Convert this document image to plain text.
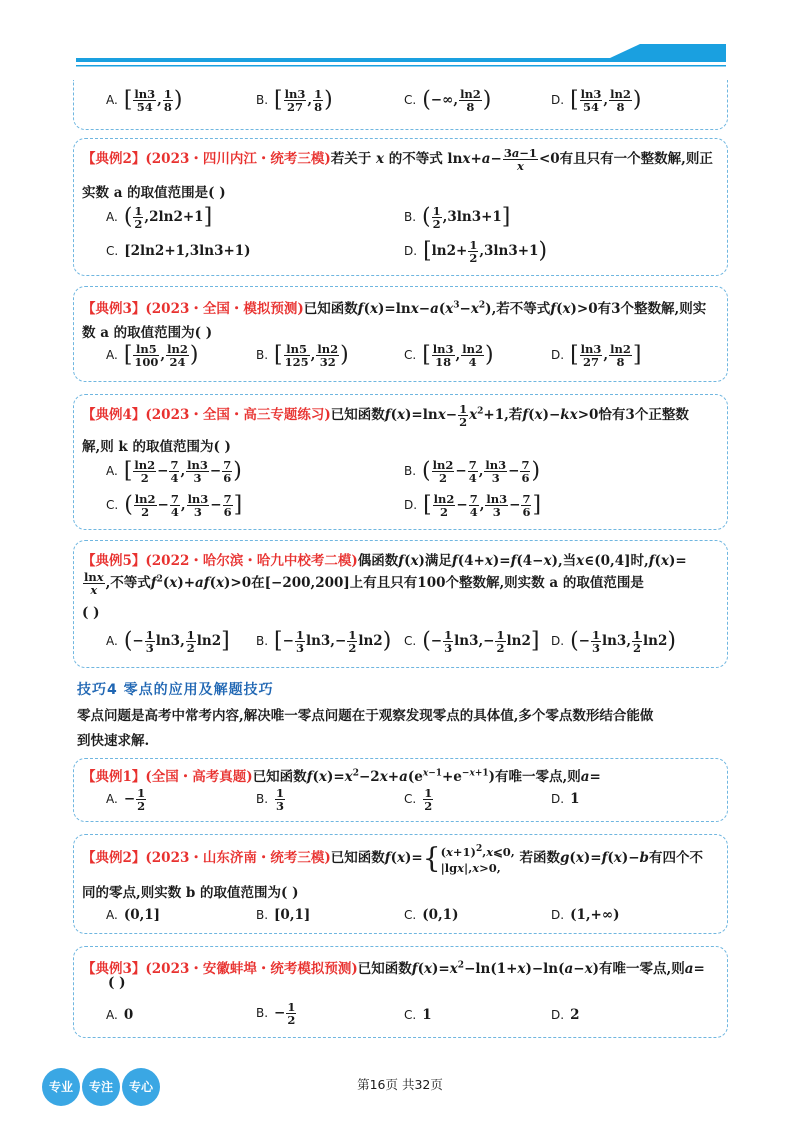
A. [ $\frac{\ln 3}{54}$ , $\frac{1}{8}$ )	B. [ $\frac{\ln 3}{27}$ , $\frac{1}{8}$ )	C. (−∞, $\frac{\ln 2}{8}$ )	D. [ $\frac{\ln 3}{54}$ , $\frac{\ln 2}{8}$ )
【典例2】(2023・四川内江・统考三模)若关于 x 的不等式 $\ln x+a- \frac{3a-1}{x} <0$有且只有一个整数解,则正
实数 a 的取值范围是( )
A. ( $\frac{1}{2} ,2\ln 2+1$]	B. ( $\frac{1}{2} ,3\ln 3+1$]
C. [2ln2+1,3ln3+1)	D. $[\ln 2+ \frac{1}{2} ,3\ln 3+1)$
【典例3】(2023・全国・模拟预测)已知函数$f(x)=\ln x-a(x^3-x^2)$,若不等式f(x)>0有3个整数解,则实
数 a 的取值范围为( )
A. [ $\frac{\ln 5}{100}$ , $\frac{\ln 2}{24}$ )	B. [ $\frac{\ln 5}{125}$ , $\frac{\ln 2}{32}$ )	C. [ $\frac{\ln 3}{18}$ , $\frac{\ln 2}{4}$ )	D. [ $\frac{\ln 3}{27}$ , $\frac{\ln 2}{8}$ ]
【典例4】(2023・全国・高三专题练习)已知函数$f(x)=\ln x- \frac{1}{2} x^2+1$,若f(x)−kx>0恰有3个正整数
解,则 k 的取值范围为( )
A. [ $\frac{\ln 2}{2} - \frac{7}{4}$ , $\frac{\ln 3}{3} - \frac{7}{6}$ )	B. ( $\frac{\ln 2}{2} - \frac{7}{4}$ , $\frac{\ln 3}{3} - \frac{7}{6}$ )
C. ( $\frac{\ln 2}{2} - \frac{7}{4}$ , $\frac{\ln 3}{3} - \frac{7}{6}$ ]	D. [ $\frac{\ln 2}{2} - \frac{7}{4}$ , $\frac{\ln 3}{3} - \frac{7}{6}$ ]
【典例5】(2022・哈尔滨・哈九中校考二模)偶函数f(x)满足f(4+x)=f(4−x),当x∈(0,4]时,f(x)=
$\frac{\ln x}{x}$ ,不等式$f^2(x)+af(x)>0$在[−200,200]上有且只有100个整数解,则实数 a 的取值范围是
( )
A. (− $\frac{1}{3} \ln 3$, $\frac{1}{2} \ln 2$] B. [− $\frac{1}{3} \ln 3,- \frac{1}{2} \ln 2$) C. (− $\frac{1}{3} \ln 3,- \frac{1}{2} \ln 2$] D. (− $\frac{1}{3} \ln 3$, $\frac{1}{2} \ln 2$)
技巧4 零点的应用及解题技巧
零点问题是高考中常考内容,解决唯一零点问题在于观察发现零点的具体值,多个零点数形结合能做
到快速求解.
【典例1】(全国・高考真题)已知函数$f(x)=x^2-2x+a(e^{x-1}+e^{-x+1})$有唯一零点,则a=
A. − $\frac{1}{2}$	B. $\frac{1}{3}$	C. $\frac{1}{2}$	D. 1
【典例2】(2023・山东济南・统考三模)已知函数$f(x)=\{(x+1)^2,x⩽0$,
|lgx|,x>0, 若函数g(x)=f(x)−b有四个不
同的零点,则实数 b 的取值范围为( )
A. (0,1]	B. [0,1]	C. (0,1)	D. (1,+∞)
【典例3】(2023・安徽蚌埠・统考模拟预测)已知函数$f(x)=x^2-\ln(1+x)-\ln(a-x)$有唯一零点,则a=
( )
A. 0	B. − $\frac{1}{2}$	C. 1	D. 2
专业	专注	专心	第16页 共32页
